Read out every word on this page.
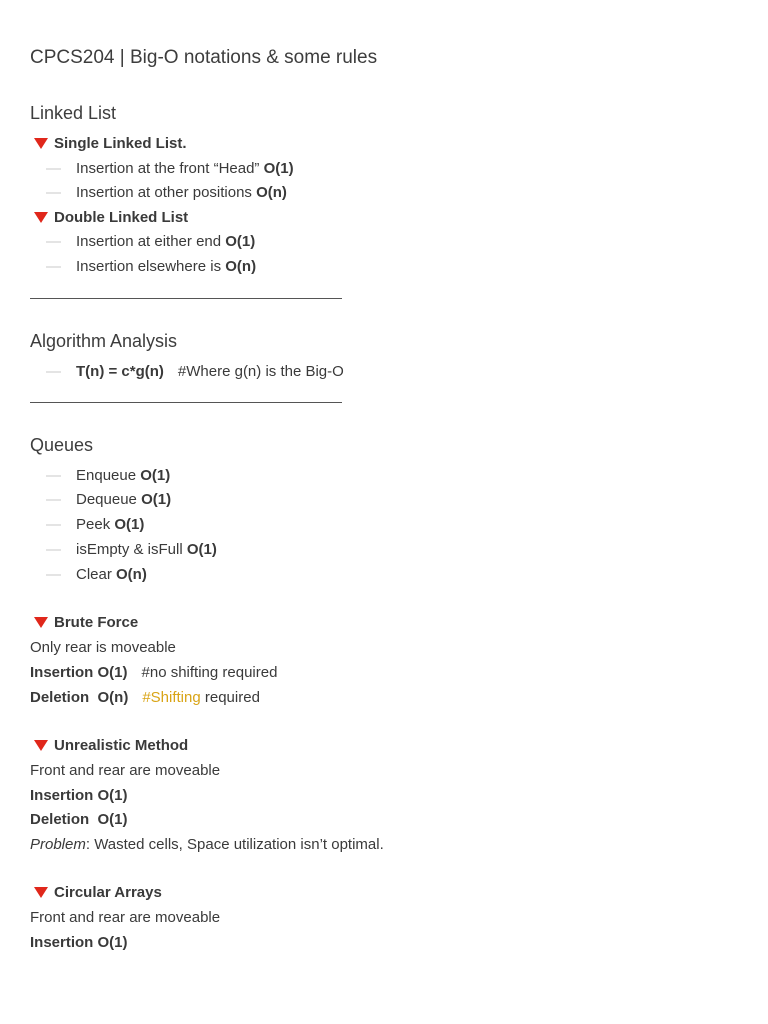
CPCS204 | Big-O notations & some rules
Linked List
Single Linked List.
— Insertion at the front “Head” O(1)
— Insertion at other positions O(n)
Double Linked List
— Insertion at either end O(1)
— Insertion elsewhere is O(n)
Algorithm Analysis
— T(n) = c*g(n) #Where g(n) is the Big-O
Queues
— Enqueue O(1)
— Dequeue O(1)
— Peek O(1)
— isEmpty & isFull O(1)
— Clear O(n)
Brute Force
Only rear is moveable
Insertion O(1) #no shifting required
Deletion  O(n) #Shifting required
Unrealistic Method
Front and rear are moveable
Insertion O(1)
Deletion  O(1)
Problem: Wasted cells, Space utilization isn’t optimal.
Circular Arrays
Front and rear are moveable
Insertion O(1)
